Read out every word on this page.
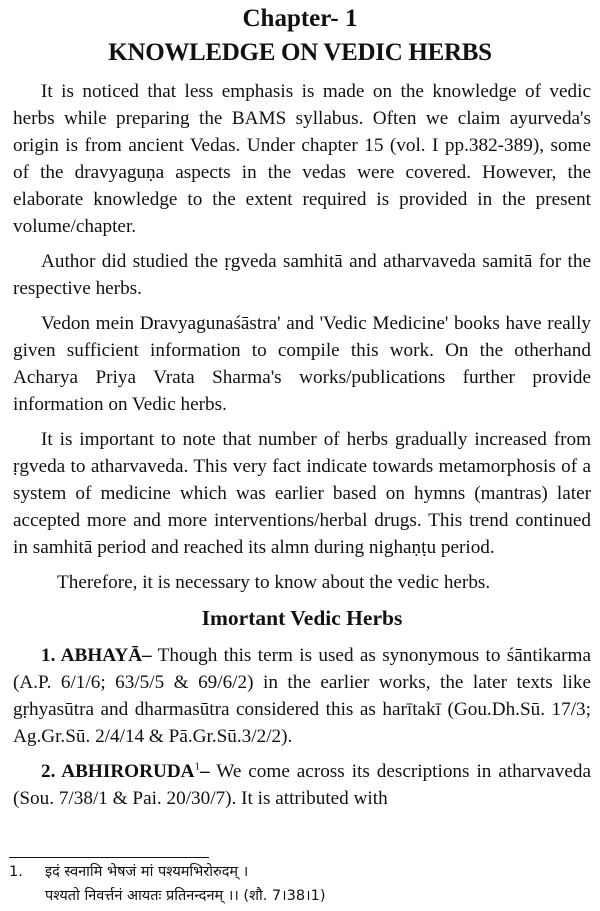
Chapter- 1
KNOWLEDGE ON VEDIC HERBS

It is noticed that less emphasis is made on the knowledge of vedic herbs while preparing the BAMS syllabus. Often we claim ayurveda's origin is from ancient Vedas. Under chapter 15 (vol. I pp.382-389), some of the dravyaguṇa aspects in the vedas were covered. However, the elaborate knowledge to the extent required is provided in the present volume/chapter.

Author did studied the ṛgveda samhitā and atharvaveda samitā for the respective herbs.

Vedon mein Dravyagunaśāstra' and 'Vedic Medicine' books have really given sufficient information to compile this work. On the otherhand Acharya Priya Vrata Sharma's works/publications further provide information on Vedic herbs.

It is important to note that number of herbs gradually increased from ṛgveda to atharvaveda. This very fact indicate towards metamorphosis of a system of medicine which was earlier based on hymns (mantras) later accepted more and more interventions/herbal drugs. This trend continued in samhitā period and reached its almn during nighaṇṭu period.

Therefore, it is necessary to know about the vedic herbs.

Imortant Vedic Herbs

1. ABHAYĀ– Though this term is used as synonymous to śāntikarma (A.P. 6/1/6; 63/5/5 & 69/6/2) in the earlier works, the later texts like gṛhyasūtra and dharmasūtra considered this as harītakī (Gou.Dh.Sū. 17/3; Ag.Gr.Sū. 2/4/14 & Pā.Gr.Sū.3/2/2).

2. ABHIRORUDA$^1$– We come across its descriptions in atharvaveda (Sou. 7/38/1 & Pai. 20/30/7). It is attributed with

1. इदं स्वनामि भेषजं मां पश्यमभिरोरुदम् ।
पश्यतो निवर्त्तनं आयतः प्रतिनन्दनम् ।। (शौ. 7।38।1)
